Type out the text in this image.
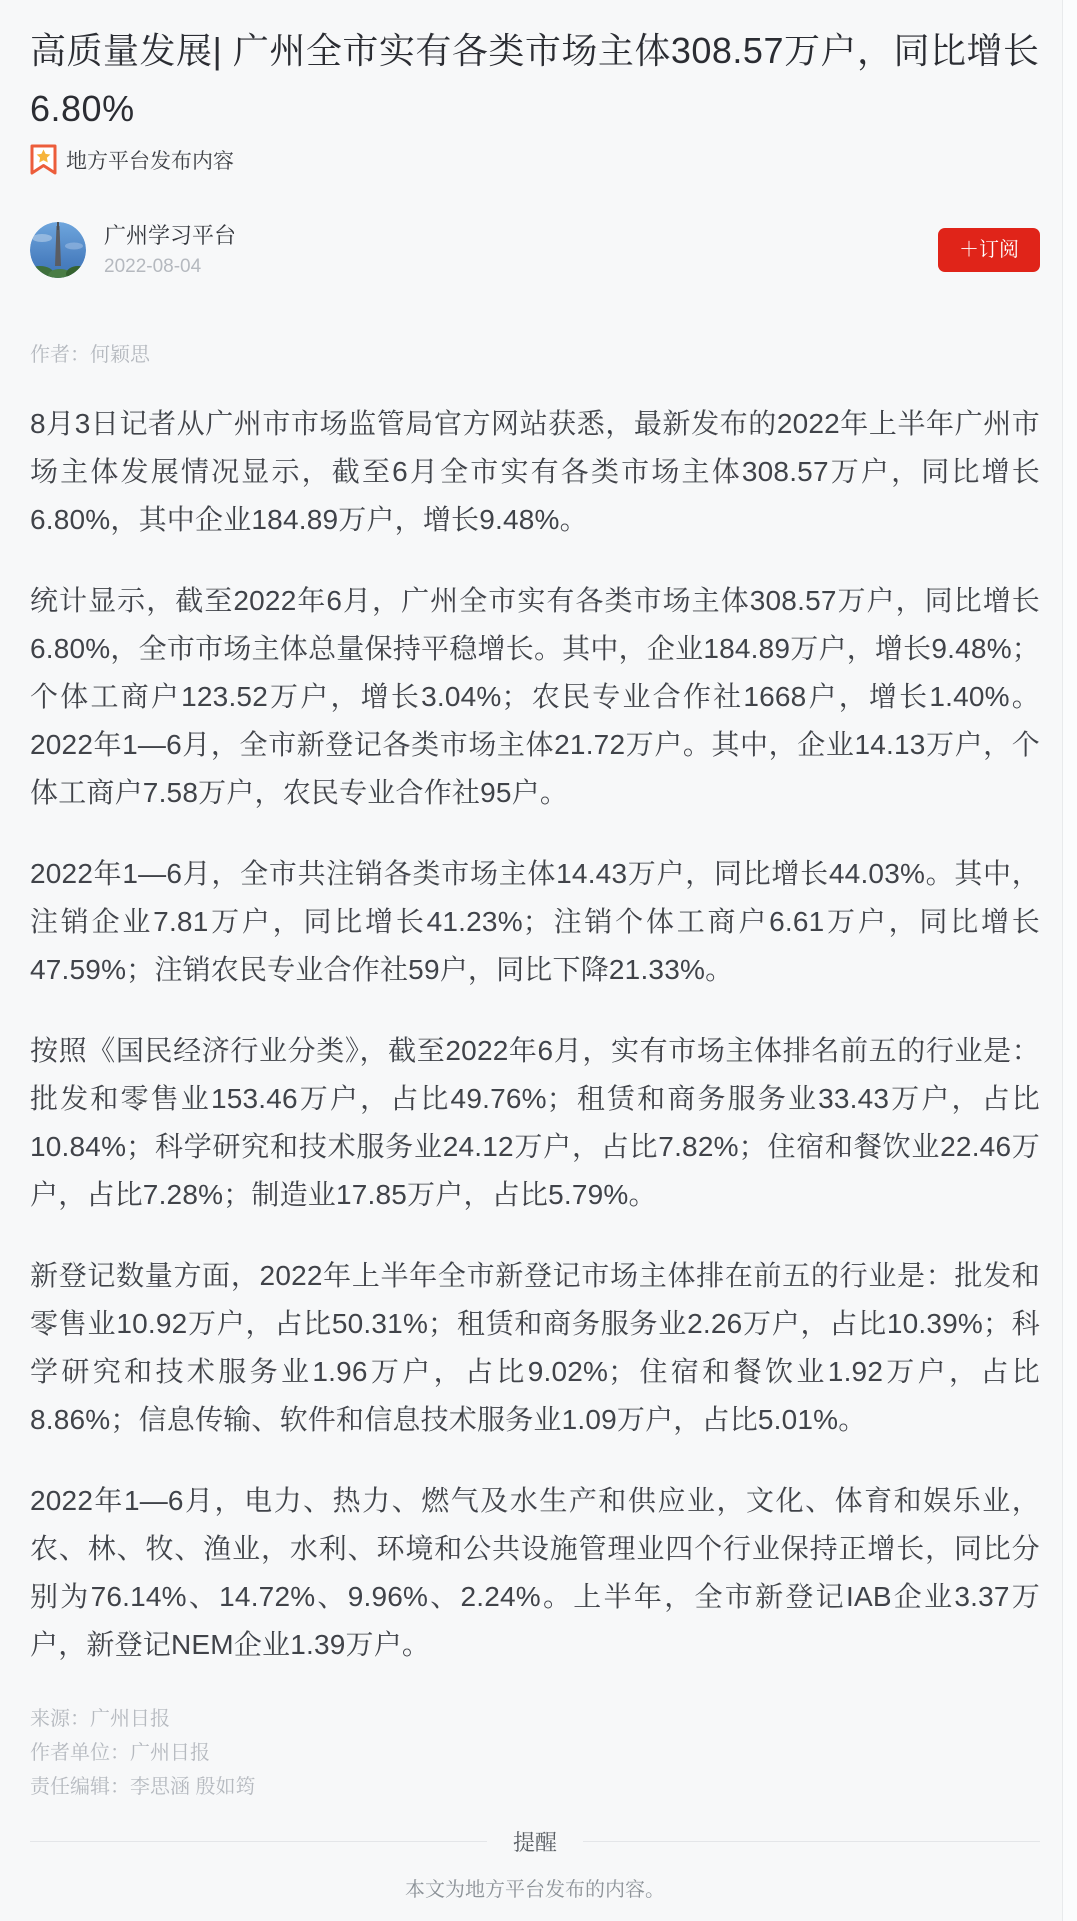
高质量发展| 广州全市实有各类市场主体308.57万户，同比增长6.80%
地方平台发布内容
广州学习平台
2022-08-04
＋订阅
作者：何颖思

8月3日记者从广州市市场监管局官方网站获悉，最新发布的2022年上半年广州市场主体发展情况显示，截至6月全市实有各类市场主体308.57万户，同比增长6.80%，其中企业184.89万户，增长9.48%。

统计显示，截至2022年6月，广州全市实有各类市场主体308.57万户，同比增长6.80%，全市市场主体总量保持平稳增长。其中，企业184.89万户，增长9.48%；个体工商户123.52万户，增长3.04%；农民专业合作社1668户，增长1.40%。2022年1—6月，全市新登记各类市场主体21.72万户。其中，企业14.13万户，个体工商户7.58万户，农民专业合作社95户。

2022年1—6月，全市共注销各类市场主体14.43万户，同比增长44.03%。其中，注销企业7.81万户，同比增长41.23%；注销个体工商户6.61万户，同比增长47.59%；注销农民专业合作社59户，同比下降21.33%。

按照《国民经济行业分类》，截至2022年6月，实有市场主体排名前五的行业是：批发和零售业153.46万户，占比49.76%；租赁和商务服务业33.43万户，占比10.84%；科学研究和技术服务业24.12万户，占比7.82%；住宿和餐饮业22.46万户，占比7.28%；制造业17.85万户，占比5.79%。

新登记数量方面，2022年上半年全市新登记市场主体排在前五的行业是：批发和零售业10.92万户，占比50.31%；租赁和商务服务业2.26万户，占比10.39%；科学研究和技术服务业1.96万户，占比9.02%；住宿和餐饮业1.92万户，占比8.86%；信息传输、软件和信息技术服务业1.09万户，占比5.01%。

2022年1—6月，电力、热力、燃气及水生产和供应业，文化、体育和娱乐业，农、林、牧、渔业，水利、环境和公共设施管理业四个行业保持正增长，同比分别为76.14%、14.72%、9.96%、2.24%。上半年，全市新登记IAB企业3.37万户，新登记NEM企业1.39万户。

来源：广州日报
作者单位：广州日报
责任编辑：李思涵 殷如筠
提醒
本文为地方平台发布的内容。
